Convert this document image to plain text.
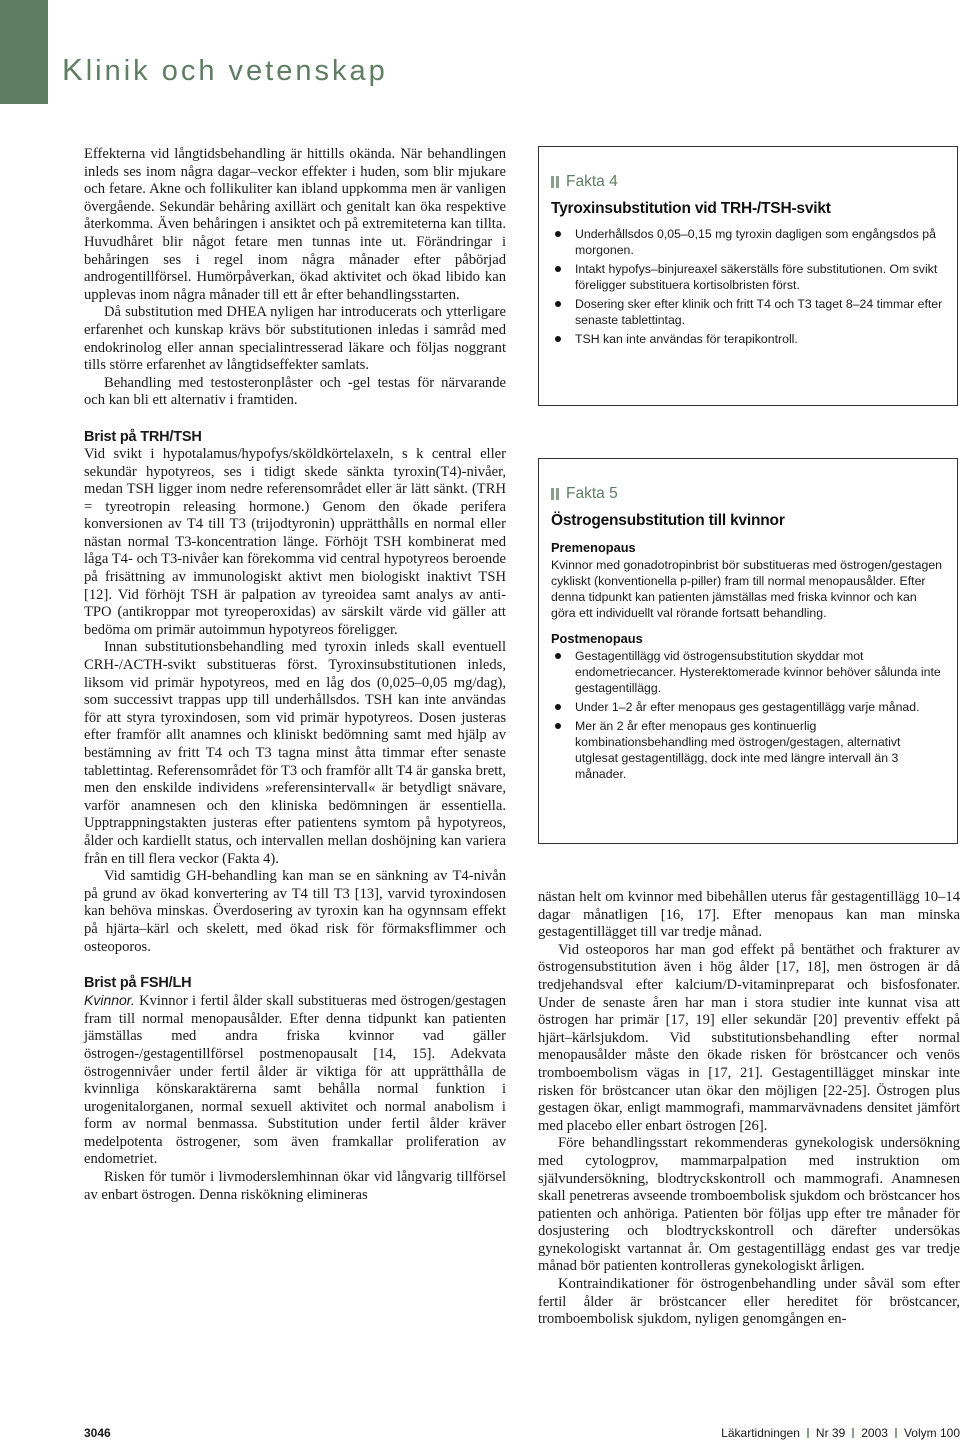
Klinik och vetenskap

Effekterna vid långtidsbehandling är hittills okända. När behandlingen inleds ses inom några dagar–veckor effekter i huden, som blir mjukare och fetare. Akne och follikuliter kan ibland uppkomma men är vanligen övergående. Sekundär behåring axillärt och genitalt kan öka respektive återkomma. Även behåringen i ansiktet och på extremiteterna kan tillta. Huvudhåret blir något fetare men tunnas inte ut. Förändringar i behåringen ses i regel inom några månader efter påbörjad androgentillförsel. Humörpåverkan, ökad aktivitet och ökad libido kan upplevas inom några månader till ett år efter behandlingsstarten.

Då substitution med DHEA nyligen har introducerats och ytterligare erfarenhet och kunskap krävs bör substitutionen inledas i samråd med endokrinolog eller annan specialintresserad läkare och följas noggrant tills större erfarenhet av långtidseffekter samlats.

Behandling med testosteronplåster och -gel testas för närvarande och kan bli ett alternativ i framtiden.

Brist på TRH/TSH

Vid svikt i hypotalamus/hypofys/sköldkörtelaxeln, s k central eller sekundär hypotyreos, ses i tidigt skede sänkta tyroxin(T4)-nivåer, medan TSH ligger inom nedre referensområdet eller är lätt sänkt. (TRH = tyreotropin releasing hormone.) Genom den ökade perifera konversionen av T4 till T3 (trijodtyronin) upprätthålls en normal eller nästan normal T3-koncentration länge. Förhöjt TSH kombinerat med låga T4- och T3-nivåer kan förekomma vid central hypotyreos beroende på frisättning av immunologiskt aktivt men biologiskt inaktivt TSH [12]. Vid förhöjt TSH är palpation av tyreoidea samt analys av anti-TPO (antikroppar mot tyreoperoxidas) av särskilt värde vid gäller att bedöma om primär autoimmun hypotyreos föreligger.

Innan substitutionsbehandling med tyroxin inleds skall eventuell CRH-/ACTH-svikt substitueras först. Tyroxinsubstitutionen inleds, liksom vid primär hypotyreos, med en låg dos (0,025–0,05 mg/dag), som successivt trappas upp till underhållsdos. TSH kan inte användas för att styra tyroxindosen, som vid primär hypotyreos. Dosen justeras efter framför allt anamnes och kliniskt bedömning samt med hjälp av bestämning av fritt T4 och T3 tagna minst åtta timmar efter senaste tablettintag. Referensområdet för T3 och framför allt T4 är ganska brett, men den enskilde individens »referensintervall« är betydligt snävare, varför anamnesen och den kliniska bedömningen är essentiella. Upptrappningstakten justeras efter patientens symtom på hypotyreos, ålder och kardiellt status, och intervallen mellan doshöjning kan variera från en till flera veckor (Fakta 4).

Vid samtidig GH-behandling kan man se en sänkning av T4-nivån på grund av ökad konvertering av T4 till T3 [13], varvid tyroxindosen kan behöva minskas. Överdosering av tyroxin kan ha ogynnsam effekt på hjärta–kärl och skelett, med ökad risk för förmaksflimmer och osteoporos.

Brist på FSH/LH

Kvinnor. Kvinnor i fertil ålder skall substitueras med östrogen/gestagen fram till normal menopausålder. Efter denna tidpunkt kan patienten jämställas med andra friska kvinnor vad gäller östrogen-/gestagentillförsel postmenopausalt [14, 15]. Adekvata östrogennivåer under fertil ålder är viktiga för att upprätthålla de kvinnliga könskaraktärerna samt behålla normal funktion i urogenitalorganen, normal sexuell aktivitet och normal anabolism i form av normal benmassa. Substitution under fertil ålder kräver medelpotenta östrogener, som även framkallar proliferation av endometriet.

Risken för tumör i livmoderslemhinnan ökar vid långvarig tillförsel av enbart östrogen. Denna riskökning elimineras

Fakta 4
Tyroxinsubstitution vid TRH-/TSH-svikt
Underhållsdos 0,05–0,15 mg tyroxin dagligen som engångsdos på morgonen.
Intakt hypofys–binjureaxel säkerställs före substitutionen. Om svikt föreligger substituera kortisolbristen först.
Dosering sker efter klinik och fritt T4 och T3 taget 8–24 timmar efter senaste tablettintag.
TSH kan inte användas för terapikontroll.
Fakta 5
Östrogensubstitution till kvinnor
Premenopaus

Kvinnor med gonadotropinbrist bör substitueras med östrogen/gestagen cykliskt (konventionella p-piller) fram till normal menopausålder. Efter denna tidpunkt kan patienten jämställas med friska kvinnor och kan göra ett individuellt val rörande fortsatt behandling.

Postmenopaus
Gestagentillägg vid östrogensubstitution skyddar mot endometriecancer. Hysterektomerade kvinnor behöver sålunda inte gestagentillägg.
Under 1–2 år efter menopaus ges gestagentillägg varje månad.
Mer än 2 år efter menopaus ges kontinuerlig kombinationsbehandling med östrogen/gestagen, alternativt utglesat gestagentillägg, dock inte med längre intervall än 3 månader.

nästan helt om kvinnor med bibehållen uterus får gestagentillägg 10–14 dagar månatligen [16, 17]. Efter menopaus kan man minska gestagentillägget till var tredje månad.

Vid osteoporos har man god effekt på bentäthet och frakturer av östrogensubstitution även i hög ålder [17, 18], men östrogen är då tredjehandsval efter kalcium/D-vitaminpreparat och bisfosfonater. Under de senaste åren har man i stora studier inte kunnat visa att östrogen har primär [17, 19] eller sekundär [20] preventiv effekt på hjärt–kärlsjukdom. Vid substitutionsbehandling efter normal menopausålder måste den ökade risken för bröstcancer och venös tromboembolism vägas in [17, 21]. Gestagentillägget minskar inte risken för bröstcancer utan ökar den möjligen [22-25]. Östrogen plus gestagen ökar, enligt mammografi, mammarvävnadens densitet jämfört med placebo eller enbart östrogen [26].

Före behandlingsstart rekommenderas gynekologisk undersökning med cytologprov, mammarpalpation med instruktion om självundersökning, blodtryckskontroll och mammografi. Anamnesen skall penetreras avseende tromboembolisk sjukdom och bröstcancer hos patienten och anhöriga. Patienten bör följas upp efter tre månader för dosjustering och blodtryckskontroll och därefter undersökas gynekologiskt vartannat år. Om gestagentillägg endast ges var tredje månad bör patienten kontrolleras gynekologiskt årligen.

Kontraindikationer för östrogenbehandling under såväl som efter fertil ålder är bröstcancer eller hereditet för bröstcancer, tromboembolisk sjukdom, nyligen genomgången en-

3046	Läkartidningen Nr 39 2003 Volym 100
